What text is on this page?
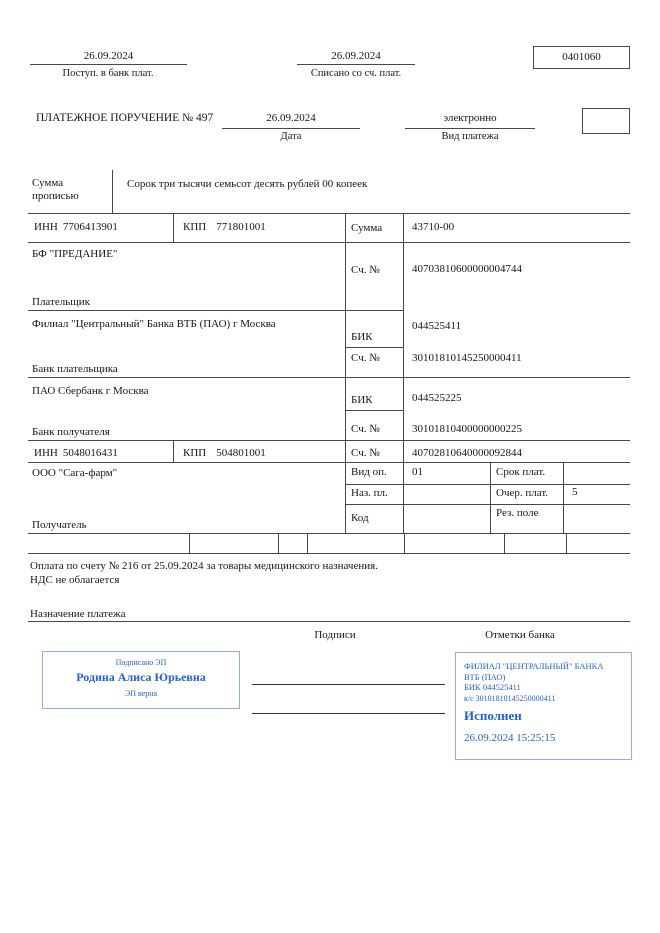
26.09.2024
Поступ. в банк плат.
26.09.2024
Списано со сч. плат.
0401060
ПЛАТЕЖНОЕ ПОРУЧЕНИЕ № 497	26.09.2024
Дата
электронно
Вид платежа
Сумма прописью
Сорок три тысячи семьсот десять рублей 00 копеек
ИНН 7706413901	КПП 771801001	Сумма	43710-00
БФ "ПРЕДАНИЕ"
Сч. №	40703810600000004744
Плательщик
Филиал "Центральный" Банка ВТБ (ПАО) г Москва
БИК
044525411
Сч. №	30101810145250000411
Банк плательщика
ПАО Сбербанк г Москва
БИК	044525225
Сч. №	30101810400000000225
Банк получателя
ИНН 5048016431	КПП 504801001	Сч. №	40702810640000092844
ООО "Сага-фарм"	Вид оп. 01	Срок плат.
Наз. пл.	Очер. плат. 5
Код	Рез. поле
Получатель
Оплата по счету № 216 от 25.09.2024 за товары медицинского назначения.
НДС не облагается
Назначение платежа
Подписи	Отметки банка
Подписано ЭП
Родина Алиса Юрьевна
ЭП верна
ФИЛИАЛ "ЦЕНТРАЛЬНЫЙ" БАНКА
ВТБ (ПАО)
БИК 044525411
к/с 30101810145250000411
Исполнен
26.09.2024 15:25:15
